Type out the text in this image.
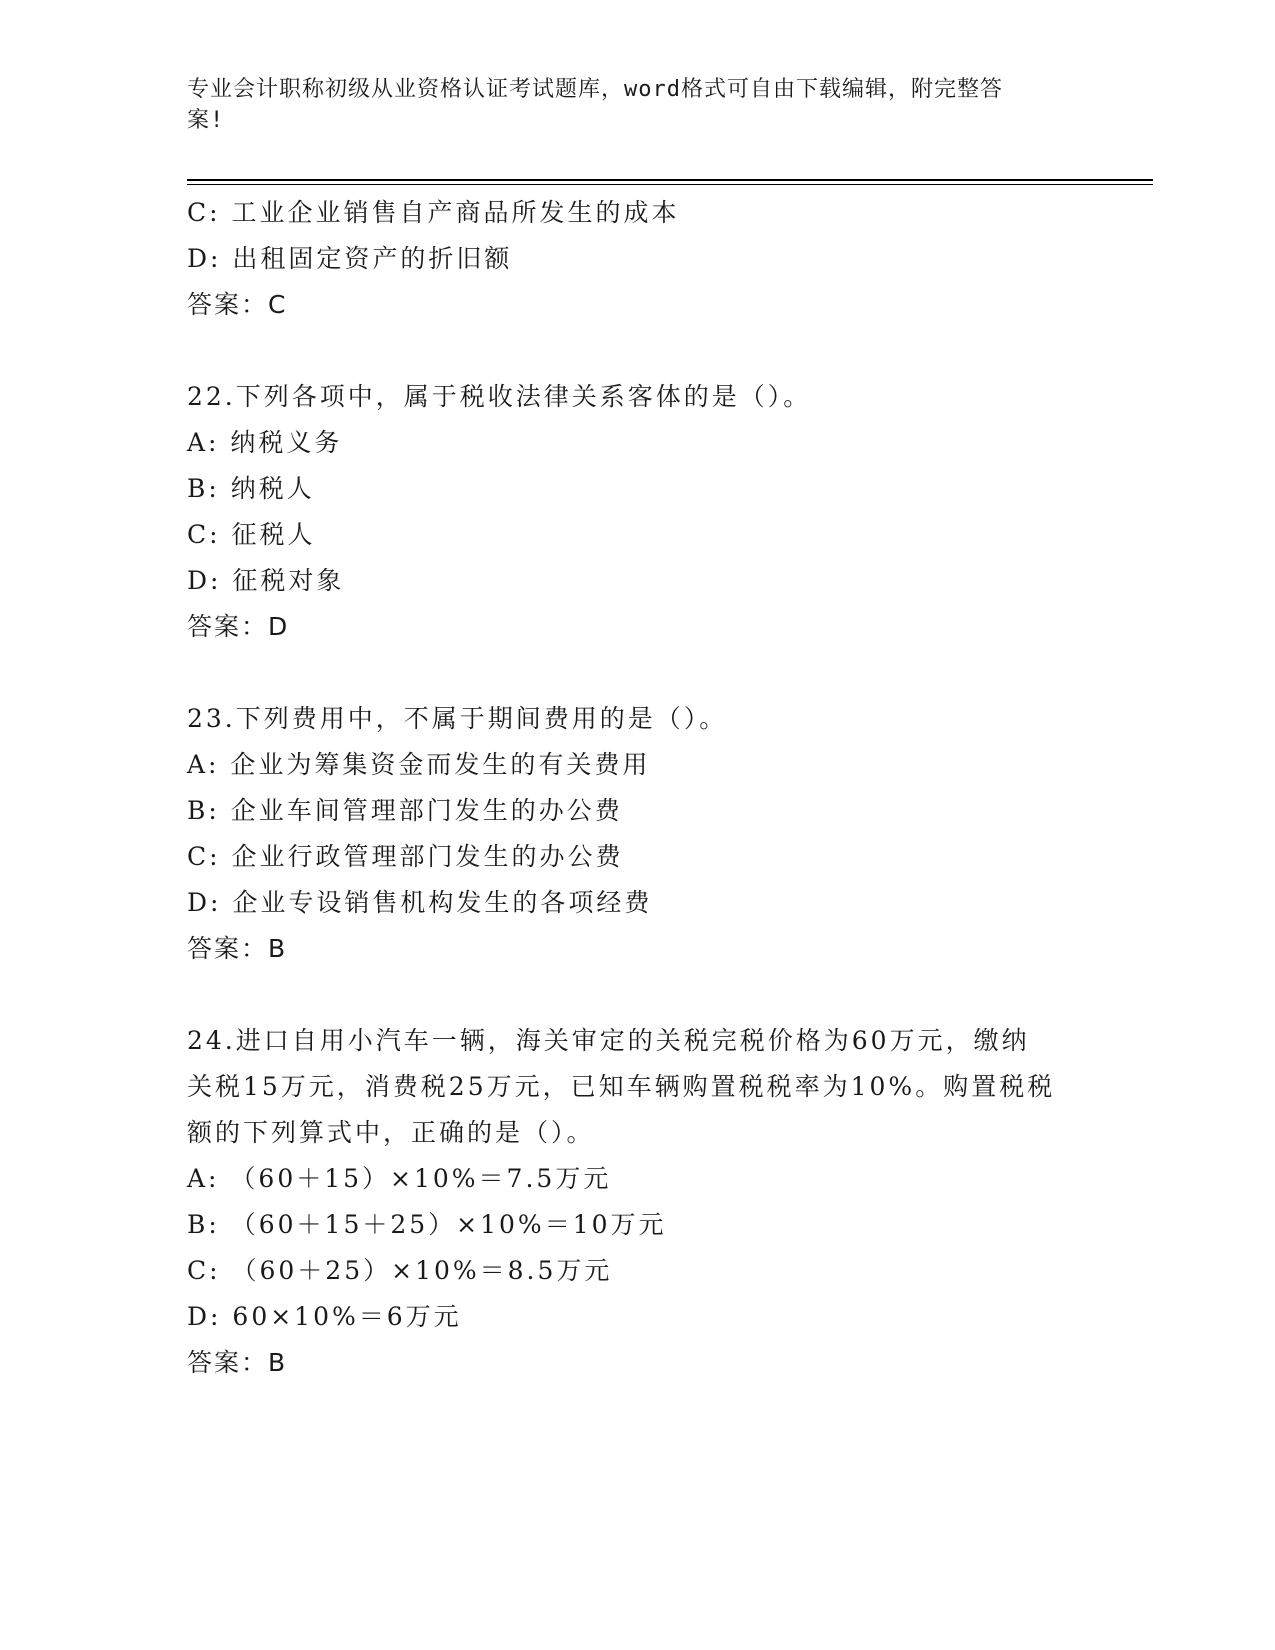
专业会计职称初级从业资格认证考试题库，word格式可自由下载编辑，附完整答
案!
C: 工业企业销售自产商品所发生的成本
D: 出租固定资产的折旧额
答案：C
22.下列各项中，属于税收法律关系客体的是（）。
A: 纳税义务
B: 纳税人
C: 征税人
D: 征税对象
答案：D
23.下列费用中，不属于期间费用的是（）。
A: 企业为筹集资金而发生的有关费用
B: 企业车间管理部门发生的办公费
C: 企业行政管理部门发生的办公费
D: 企业专设销售机构发生的各项经费
答案：B
24.进口自用小汽车一辆，海关审定的关税完税价格为60万元，缴纳
关税15万元，消费税25万元，已知车辆购置税税率为10%。购置税税
额的下列算式中，正确的是（）。
A: （60＋15）×10%＝7.5万元
B: （60＋15＋25）×10%＝10万元
C: （60＋25）×10%＝8.5万元
D: 60×10%＝6万元
答案：B
